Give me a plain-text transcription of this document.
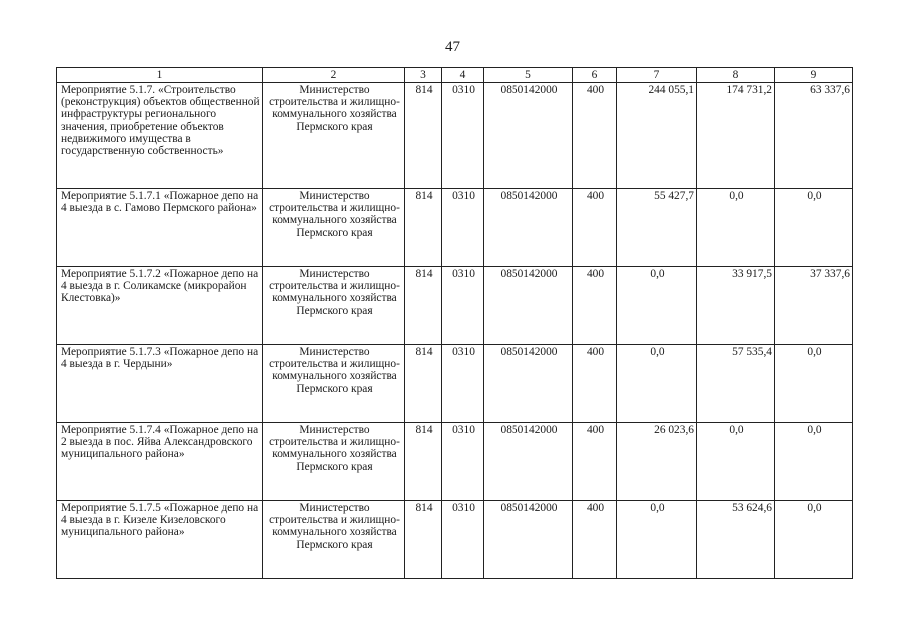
47
1	2	3	4	5	6	7	8	9
Мероприятие 5.1.7. «Строительство (реконструкция) объектов общественной инфраструктуры регионального значения, приобретение объектов недвижимого имущества в государственную собственность»	Министерство строительства и жилищно-коммунального хозяйства Пермского края	814	0310	0850142000	400	244 055,1	174 731,2	63 337,6
Мероприятие 5.1.7.1 «Пожарное депо на 4 выезда в с. Гамово Пермского района»	Министерство строительства и жилищно-коммунального хозяйства Пермского края	814	0310	0850142000	400	55 427,7	0,0	0,0
Мероприятие 5.1.7.2 «Пожарное депо на 4 выезда в г. Соликамске (микрорайон Клестовка)»	Министерство строительства и жилищно-коммунального хозяйства Пермского края	814	0310	0850142000	400	0,0	33 917,5	37 337,6
Мероприятие 5.1.7.3 «Пожарное депо на 4 выезда в г. Чердыни»	Министерство строительства и жилищно-коммунального хозяйства Пермского края	814	0310	0850142000	400	0,0	57 535,4	0,0
Мероприятие 5.1.7.4 «Пожарное депо на 2 выезда в пос. Яйва Александровского муниципального района»	Министерство строительства и жилищно-коммунального хозяйства Пермского края	814	0310	0850142000	400	26 023,6	0,0	0,0
Мероприятие 5.1.7.5 «Пожарное депо на 4 выезда в г. Кизеле Кизеловского муниципального района»	Министерство строительства и жилищно-коммунального хозяйства Пермского края	814	0310	0850142000	400	0,0	53 624,6	0,0
